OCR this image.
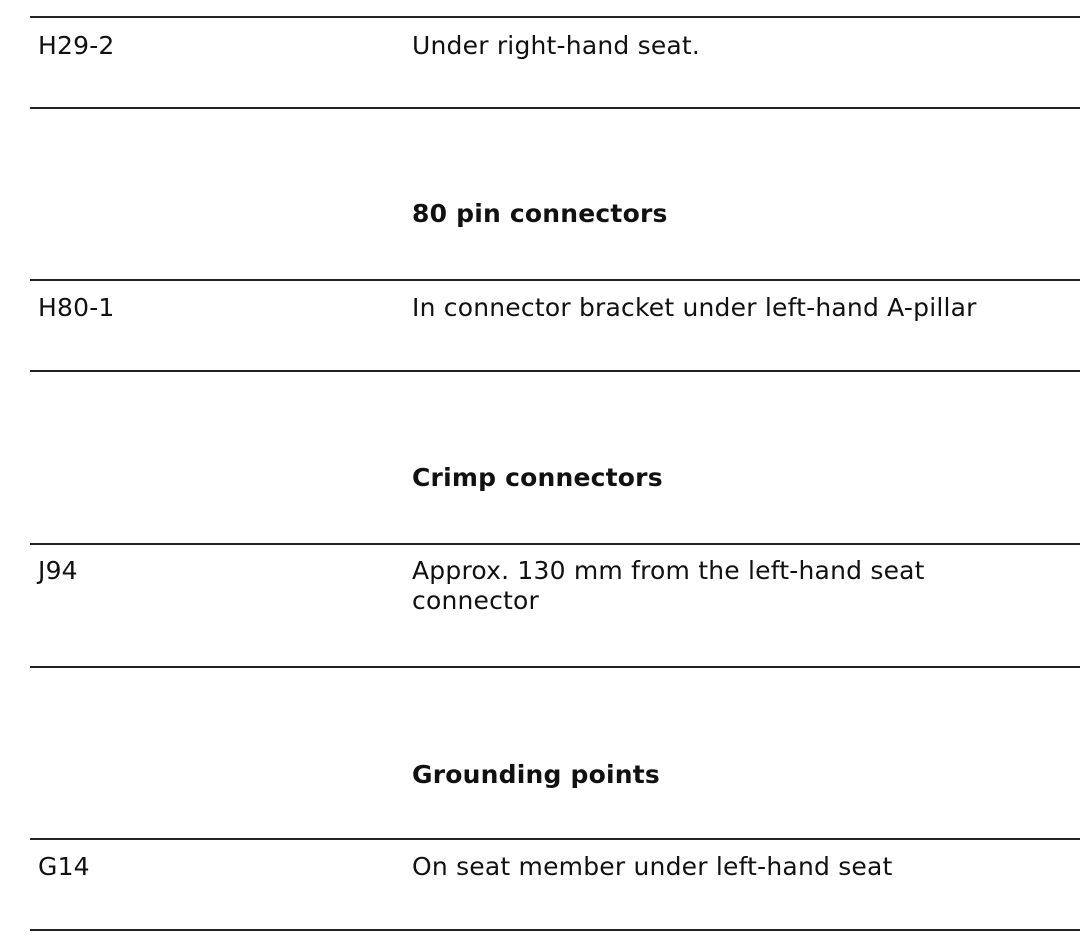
H29-2	Under right-hand seat.
80 pin connectors
H80-1	In connector bracket under left-hand A-pillar
Crimp connectors
J94	Approx. 130 mm from the left-hand seat connector
Grounding points
G14	On seat member under left-hand seat
